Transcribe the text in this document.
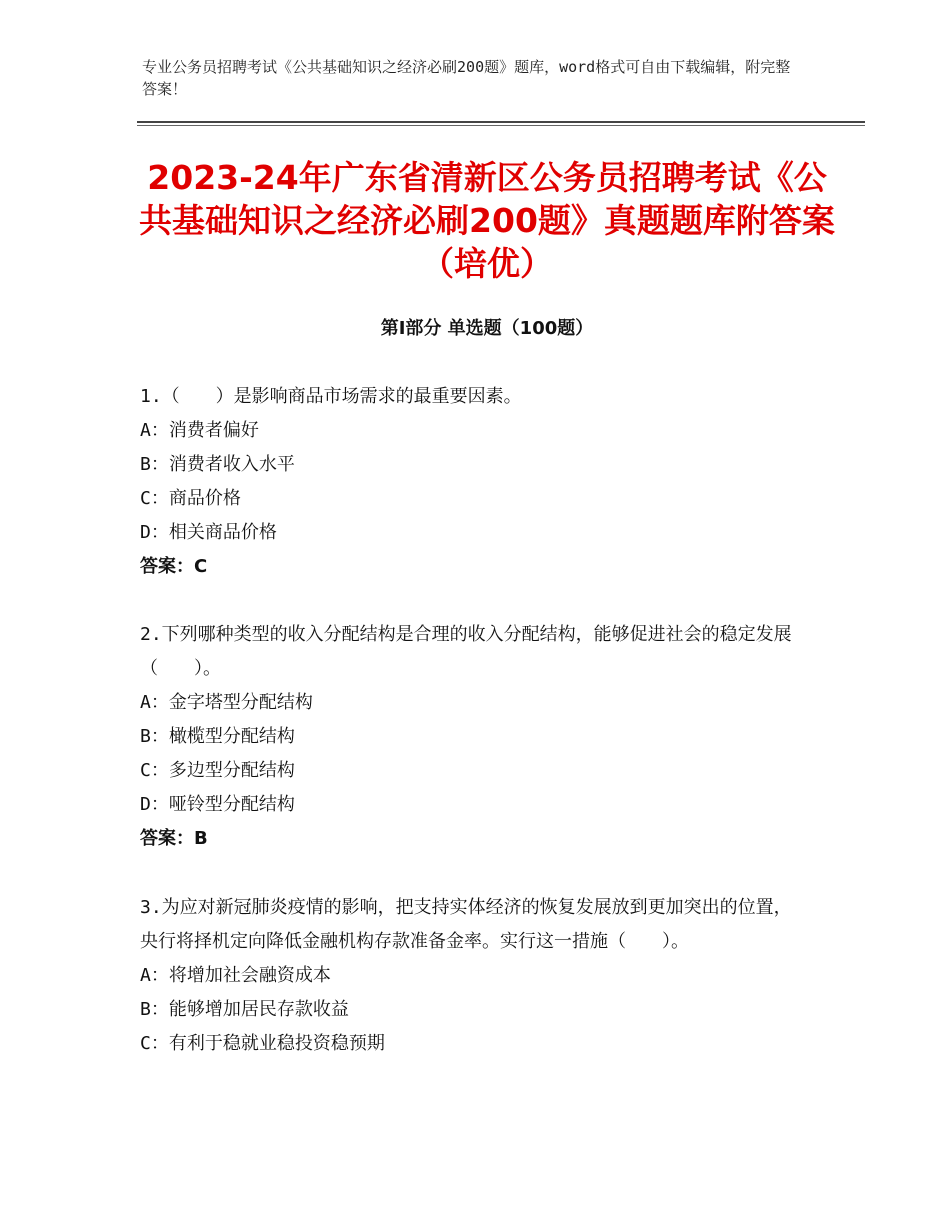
专业公务员招聘考试《公共基础知识之经济必刷200题》题库，word格式可自由下载编辑，附完整答案！
2023-24年广东省清新区公务员招聘考试《公共基础知识之经济必刷200题》真题题库附答案（培优）
第I部分 单选题（100题）

1.（　　）是影响商品市场需求的最重要因素。

A：消费者偏好

B：消费者收入水平

C：商品价格

D：相关商品价格

答案：C

2.下列哪种类型的收入分配结构是合理的收入分配结构，能够促进社会的稳定发展（　　）。

A：金字塔型分配结构

B：橄榄型分配结构

C：多边型分配结构

D：哑铃型分配结构

答案：B

3.为应对新冠肺炎疫情的影响，把支持实体经济的恢复发展放到更加突出的位置，央行将择机定向降低金融机构存款准备金率。实行这一措施（　　）。

A：将增加社会融资成本

B：能够增加居民存款收益

C：有利于稳就业稳投资稳预期
